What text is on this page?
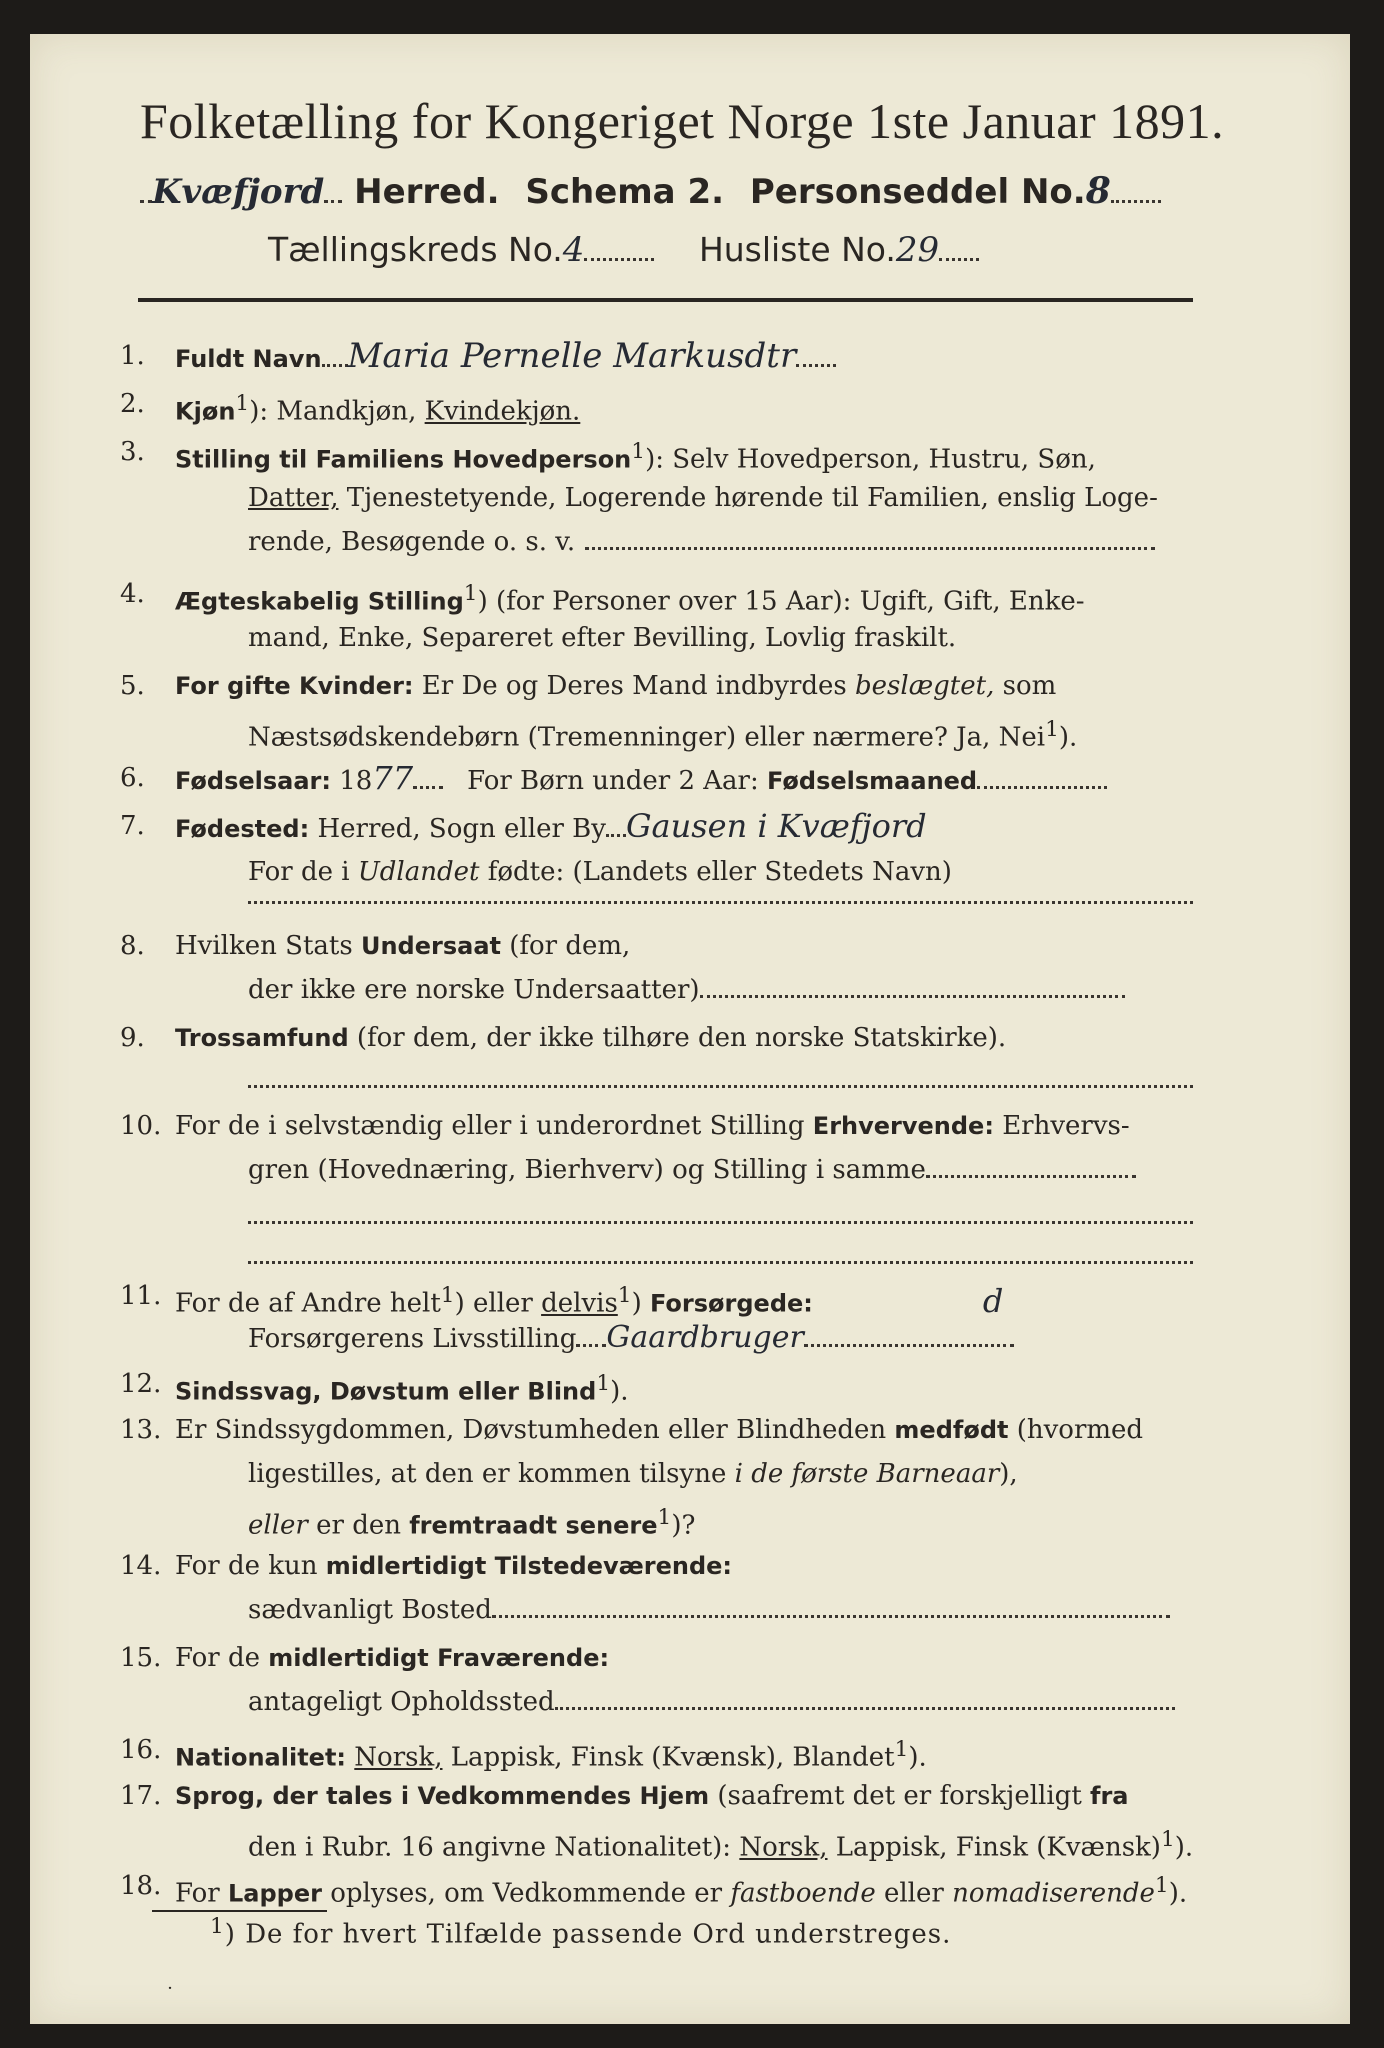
Folketælling for Kongeriget Norge 1ste Januar 1891.
Kvæfjord Herred. Schema 2. Personseddel No.8
Tællingskreds No.4	Husliste No.29
1.	Fuldt Navn Maria Pernelle Markusdtr
2.	Kjøn$^1$): Mandkjøn, Kvindekjøn.
3.	Stilling til Familiens Hovedperson$^1$): Selv Hovedperson, Hustru, Søn,
Datter, Tjenestetyende, Logerende hørende til Familien, enslig Loge-
rende, Besøgende o. s. v.
4.	Ægteskabelig Stilling$^1$) (for Personer over 15 Aar): Ugift, Gift, Enke-
mand, Enke, Separeret efter Bevilling, Lovlig fraskilt.
5.	For gifte Kvinder: Er De og Deres Mand indbyrdes beslægtet, som
Næstsødskendebørn (Tremenninger) eller nærmere? Ja, Nei$^1$).
6.	Fødselsaar: 1877 For Børn under 2 Aar: Fødselsmaaned
7.	Fødested: Herred, Sogn eller By Gausen i Kvæfjord
For de i Udlandet fødte: (Landets eller Stedets Navn)
8.	Hvilken Stats Undersaat (for dem,
der ikke ere norske Undersaatter)
9.	Trossamfund (for dem, der ikke tilhøre den norske Statskirke).
10. For de i selvstændig eller i underordnet Stilling Erhvervende: Erhvervs-
gren (Hovednæring, Bierhverv) og Stilling i samme
11. For de af Andre helt$^1$) eller delvis$^1$) Forsørgede:	d
Forsørgerens Livsstilling Gaardbruger
12. Sindssvag, Døvstum eller Blind$^1$).
13. Er Sindssygdommen, Døvstumheden eller Blindheden medfødt (hvormed
ligestilles, at den er kommen tilsyne i de første Barneaar),
eller er den fremtraadt senere$^1$)?
14. For de kun midlertidigt Tilstedeværende:
sædvanligt Bosted
15. For de midlertidigt Fraværende:
antageligt Opholdssted
16. Nationalitet: Norsk, Lappisk, Finsk (Kvænsk), Blandet$^1$).
17. Sprog, der tales i Vedkommendes Hjem (saafremt det er forskjelligt fra
den i Rubr. 16 angivne Nationalitet): Norsk, Lappisk, Finsk (Kvænsk)$^1$).
18. For Lapper oplyses, om Vedkommende er fastboende eller nomadiserende$^1$).
$^1$) De for hvert Tilfælde passende Ord understreges.
